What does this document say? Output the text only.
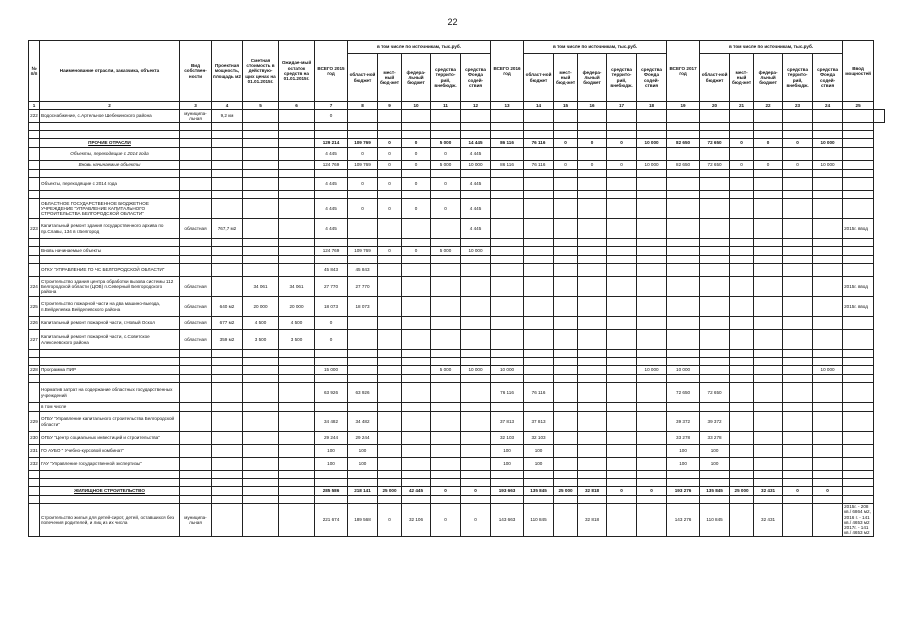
22
№ п/п	Наименование отрасли, заказчика, объекта	Вид собствен-ности	Проектная мощность, площадь м2	Сметная стоимость в действую-щих ценах на 01.01.2015г.	Ожидае-мый остаток средств на 01.01.2015г.	ВСЕГО 2015 год	в том числе по источникам, тыс.руб.					ВСЕГО 2016 год	в том числе по источникам, тыс.руб.					ВСЕГО 2017 год	в том числе по источникам, тыс.руб.					Ввод мощностей	
							област-ной бюджет	мест-ный бюд-жет	федера-льный бюджет	средства террито-рий, внебюдж.	средства Фонда содей-ствия		област-ной бюджет	мест-ный бюд-жет	федера-льный бюджет	средства террито-рий, внебюдж.	средства Фонда содей-ствия		област-ной бюджет	мест-ный бюд-жет	федера-льный бюджет	средства террито-рий, внебюдж.	средства Фонда содей-ствия		
1	2	3	4	5	6	7	8	9	10	11	12	13	14	15	16	17	18	19	20	21	22	23	24	25	
222	Водоснабжение, с.Артельное Шебекинского района	муниципа-льная	9,2 км			0																			

	ПРОЧИЕ ОТРАСЛИ					129 214	109 769	0	0	5 000	14 445	86 116	76 116	0	0	0	10 000	82 650	72 650	0	0	0	10 000		
	Объекты, переходящие с 2014 года					4 445	0	0	0	0	4 445														
	Вновь начинаемые объекты					124 769	109 769	0	0	5 000	10 000	86 116	76 116	0	0	0	10 000	82 650	72 650	0	0	0	10 000		

	Объекты, переходящие с 2014 года					4 445	0	0	0	0	4 445														

	ОБЛАСТНОЕ ГОСУДАРСТВЕННОЕ БЮДЖЕТНОЕ УЧРЕЖДЕНИЕ "УПРАВЛЕНИЕ КАПИТАЛЬНОГО СТРОИТЕЛЬСТВА БЕЛГОРОДСКОЙ ОБЛАСТИ"					4 445	0	0	0	0	4 445														
223	Капитальный ремонт здания государственного архива по пр.Славы, 134 в г.Белгород	областная	767,7 м2			4 445					4 445													2015г. ввод	

	Вновь начинаемые объекты					124 769	109 769	0	0	5 000	10 000														

	ОГКУ "УПРАВЛЕНИЕ ГО ЧС БЕЛГОРОДСКОЙ ОБЛАСТИ"					45 843	45 843																		
224	Строительство здания центра обработки вызова системы 112 Белгородской области (ЦОВ) п.Северный Белгородского района	областная		34 061	34 061	27 770	27 770																	2015г. ввод	
225	Строительство пожарной части на два машино-выезда, п.Вейделевка Вейделевского района	областная	640 м2	20 000	20 000	18 073	18 073																	2015г. ввод	
226	Капитальный ремонт пожарной части, г.Новый Оскол	областная	677 м2	4 500	4 500	0																			
227	Капитальный ремонт пожарной части, с.Советское Алексеевского района	областная	359 м2	3 500	3 500	0																			

228	Программа ПИР					15 000				5 000	10 000	10 000					10 000	10 000					10 000		

	Норматив затрат на содержание областных государственных учреждений					63 926	63 926					76 116	76 116					72 650	72 650						
	в том числе																								
229	ОГБУ "Управление капитального строительства Белгородской области"					34 482	34 482					37 813	37 813					39 372	39 372						
230	ОГБУ "Центр социальных инвестиций и строительства"					29 244	29 244					32 103	32 103					33 278	33 278						
231	ГО АУБО " Учебно-курсовой комбинат"					100	100					100	100					100	100						
232	ГАУ "Управление государственной экспертизы"					100	100					100	100					100	100						

	ЖИЛИЩНОЕ СТРОИТЕЛЬСТВО					285 586	218 141	25 000	42 445	0	0	193 663	135 845	25 000	32 818	0	0	193 276	135 845	25 000	32 431	0	0		

	Строительство жилья для детей-сирот, детей, оставшихся без попечения родителей, и лиц из их числа	муниципа-льная				221 674	189 568	0	32 106	0	0	143 663	110 845		32 818			143 276	110 845		32 431			2015г. - 208 кв./ 6864 м2, 2016 г. - 141 кв./ 4653 м2 2017г. - 141 кв./ 4653 м2	
